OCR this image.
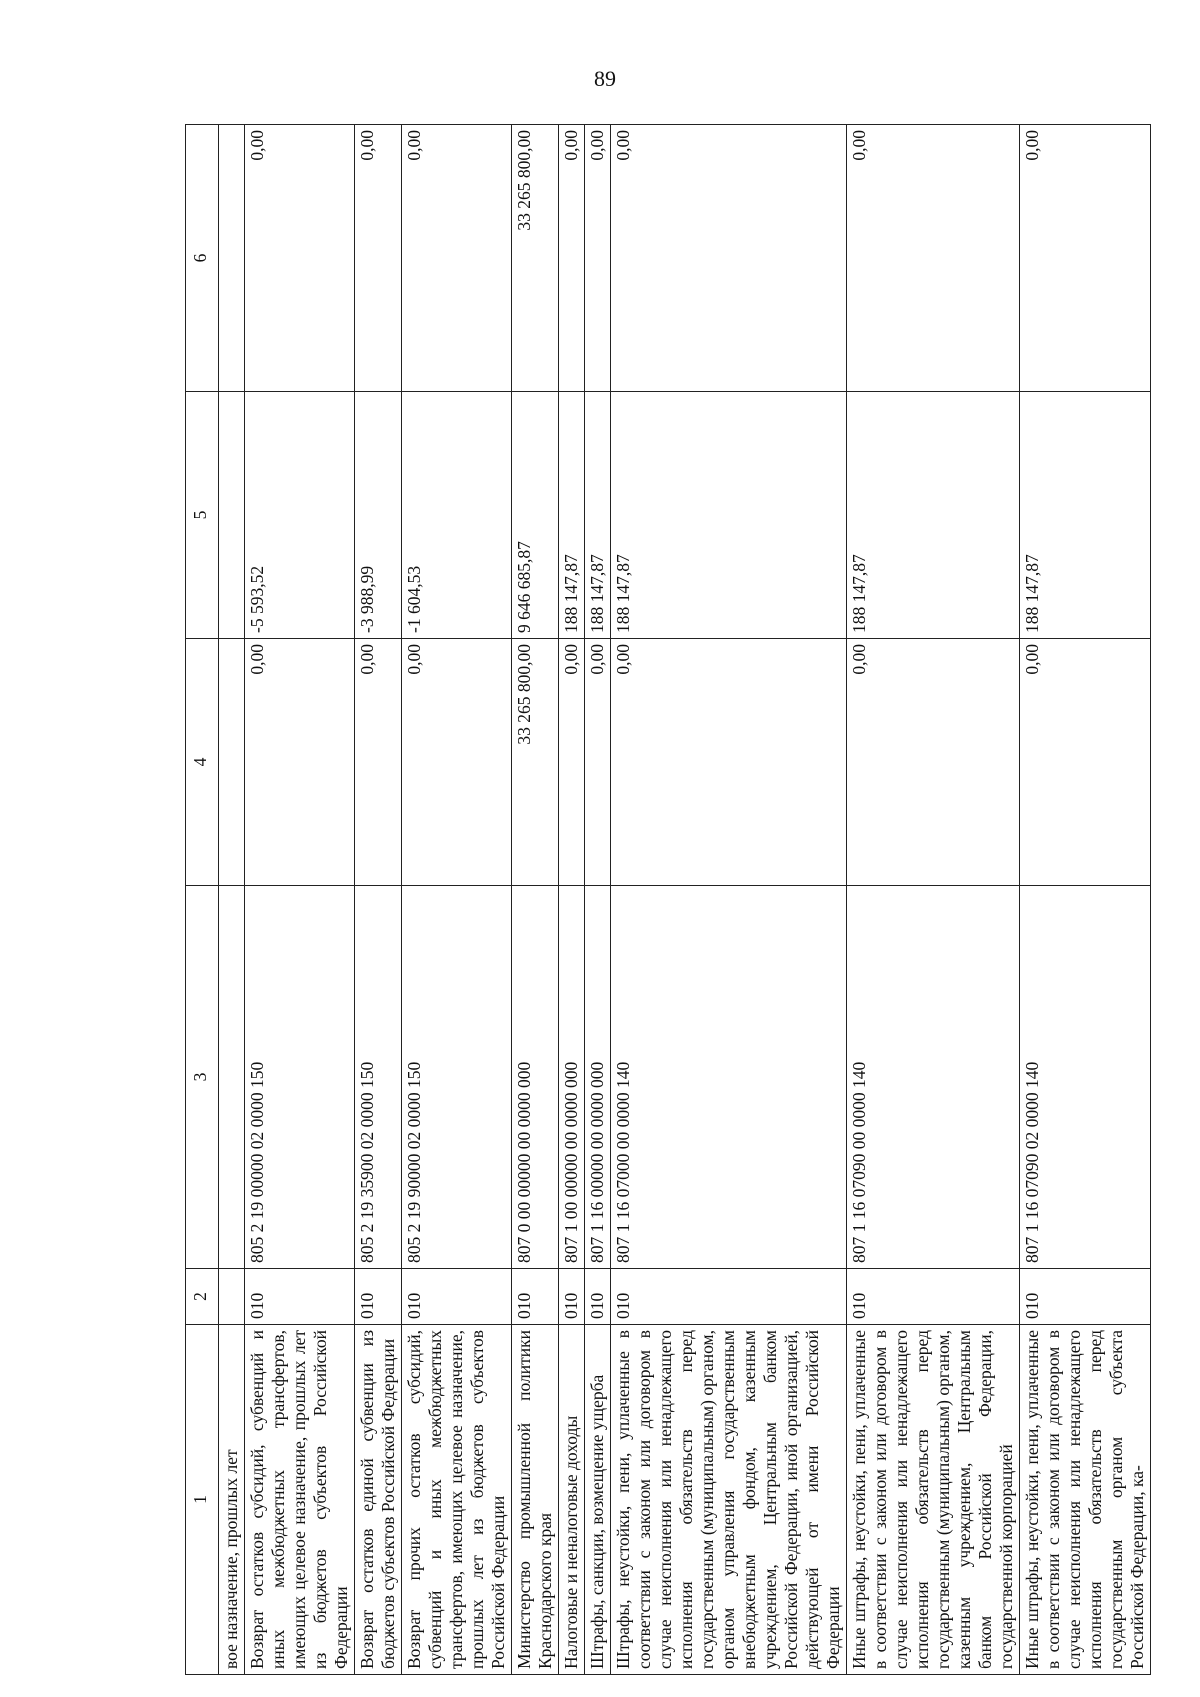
89
1	2	3	4	5	6
вое назначение, прошлых лет					
Возврат остатков субсидий, субвенций и иных межбюджетных трансфертов, имеющих целевое назначение, прошлых лет из бюджетов субъектов Российской Федерации	010	805 2 19 00000 02 0000 150	0,00	-5 593,52	0,00
Возврат остатков единой субвенции из бюджетов субъектов Российской Федерации	010	805 2 19 35900 02 0000 150	0,00	-3 988,99	0,00
Возврат прочих остатков субсидий, субвенций и иных межбюджетных трансфертов, имеющих целевое назначение, прошлых лет из бюджетов субъектов Российской Федерации	010	805 2 19 90000 02 0000 150	0,00	-1 604,53	0,00
Министерство промышленной политики Краснодарского края	010	807 0 00 00000 00 0000 000	33 265 800,00	9 646 685,87	33 265 800,00
Налоговые и неналоговые доходы	010	807 1 00 00000 00 0000 000	0,00	188 147,87	0,00
Штрафы, санкции, возмещение ущерба	010	807 1 16 00000 00 0000 000	0,00	188 147,87	0,00
Штрафы, неустойки, пени, уплаченные в соответствии с законом или договором в случае неисполнения или ненадлежащего исполнения обязательств перед государственным (муниципальным) органом, органом управления государственным внебюджетным фондом, казенным учреждением, Центральным банком Российской Федерации, иной организацией, действующей от имени Российской Федерации	010	807 1 16 07000 00 0000 140	0,00	188 147,87	0,00
Иные штрафы, неустойки, пени, уплаченные в соответствии с законом или договором в случае неисполнения или ненадлежащего исполнения обязательств перед государственным (муниципальным) органом, казенным учреждением, Центральным банком Российской Федерации, государственной корпорацией	010	807 1 16 07090 00 0000 140	0,00	188 147,87	0,00
Иные штрафы, неустойки, пени, уплаченные в соответствии с законом или договором в случае неисполнения или ненадлежащего исполнения обязательств перед государственным органом субъекта Российской Федерации, ка-	010	807 1 16 07090 02 0000 140	0,00	188 147,87	0,00
